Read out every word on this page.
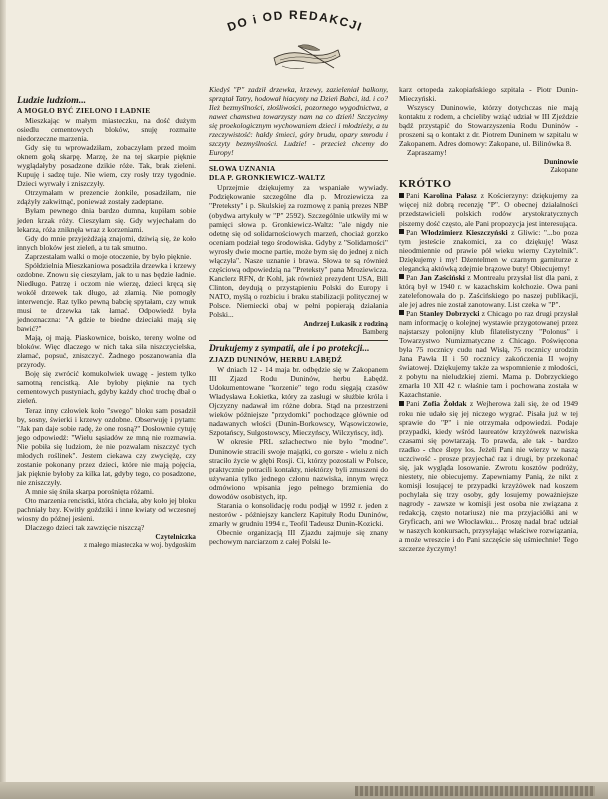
DO i OD REDAKCJI

Ludzie ludziom...

A MOGŁO BYĆ ZIELONO I ŁADNIE

Mieszkając w małym miasteczku, na dość dużym osiedlu cementowych bloków, snuję rozmaite niedorzeczne marzenia.

Gdy się tu wprowadziłam, zobaczyłam przed moim oknem gołą skarpę. Marzę, że na tej skarpie pięknie wyglądałyby posadzone dzikie róże. Tak, brak zieleni. Kupuję i sadzę tuje. Nie wiem, czy rosły trzy tygodnie. Dzieci wyrwały i zniszczyły.

Otrzymałam w prezencie żonkile, posadziłam, nie zdążyły zakwitnąć, ponieważ zostały zadeptane.

Byłam pewnego dnia bardzo dumna, kupiłam sobie jeden krzak róży. Cieszyłam się. Gdy wyjechałam do lekarza, róża zniknęła wraz z korzeniami.

Gdy do mnie przyjeżdżają znajomi, dziwią się, że koło innych bloków jest zieleń, a tu tak smutno.

Zaprzestałam walki o moje otoczenie, by było pięknie.

Spółdzielnia Mieszkaniowa posadziła drzewka i krzewy ozdobne. Znowu się cieszyłam, jak to u nas będzie ładnie. Niedługo. Patrzę i oczom nie wierzę, dzieci kręcą się wokół drzewek tak długo, aż złamią. Nie pomogły interwencje. Raz tylko pewną babcię spytałam, czy wnuk musi te drzewka tak łamać. Odpowiedź była jednoznaczna: "A gdzie te biedne dzieciaki mają się bawić?"

Mają, oj mają. Piaskownice, boisko, tereny wolne od bloków. Więc dlaczego w nich taka siła niszczycielska, złamać, popsuć, zniszczyć. Żadnego poszanowania dla przyrody.

Boję się zwrócić komukolwiek uwagę - jestem tylko samotną rencistką. Ale byłoby pięknie na tych cementowych pustyniach, gdyby każdy choć trochę dbał o zieleń.

Teraz inny człowiek koło "swego" bloku sam posadził by, sosny, świerki i krzewy ozdobne. Obserwuję i pytam: "Jak pan daje sobie radę, że one rosną?" Dosłownie cytuję jego odpowiedź: "Wielu sąsiadów ze mną nie rozmawia. Nie pobiła się ludziom, że nie pozwalam niszczyć tych młodych roślinek". Jestem ciekawa czy zwyciężę, czy zostanie pokonany przez dzieci, które nie mają pojęcia, jak pięknie byłoby za kilka lat, gdyby tego, co posadzone, nie zniszczyły.

A mnie się śniła skarpa porośnięta różami.

Oto marzenia rencistki, która chciała, aby koło jej bloku pachniały bzy. Kwitły goździki i inne kwiaty od wczesnej wiosny do późnej jesieni.

Dlaczego dzieci tak zawzięcie niszczą?

Czytelniczka

z małego miasteczka w woj. bydgoskim

Kiedyś "P" zadził drzewka, krzewy, zazieleniał balkony, sprzątał Tatry, hodował hiacynty na Dzień Babci, itd. i co? Ileż bezmyślności, złośliwości, pozornego wygodnictwa, a nawet chamstwa towarzyszy nam na co dzień! Szczycimy się proekologicznym wychowaniem dzieci i młodzieży, a tu rzeczywistość: hałdy śmieci, góry brudu, opary smrodu i szczyty bezmyślności. Ludzie! - przecież chcemy do Europy!

SŁOWA UZNANIA

DLA P. GRONKIEWICZ-WALTZ

Uprzejmie dziękujemy za wspaniałe wywiady. Podziękowanie szczególne dla p. Mroziewicza za "Preteksty" i p. Skulskiej za rozmowę z panią prezes NBP (obydwa artykuły w "P" 2592). Szczególnie utkwiły mi w pamięci słowa p. Gronkiewicz-Waltz: "ale nigdy nie odetnę się od solidarnościowych marzeń, chociaż gorzko oceniam podział tego środowiska. Gdyby z "Solidarności" wyrosły dwie mocne partie, może bym się do jednej z nich włączyła". Nasze uznanie i brawa. Słowa te są również częściową odpowiedzią na "Preteksty" pana Mroziewicza. Kanclerz RFN, dr Kohl, jak również prezydent USA, Bill Clinton, deydują o przystąpieniu Polski do Europy i NATO, myślą o rozbiciu i braku stabilizacji politycznej w Polsce. Niemiecki obaj w pełni popierają działania Polski...

Andrzej Łukasik z rodziną

Bamberg

Drukujemy z sympatii, ale i po protekcji...

ZJAZD DUNINÓW, HERBU ŁABĘDŹ

W dniach 12 - 14 maja br. odbędzie się w Zakopanem III Zjazd Rodu Duninów, herbu Łabędź. Udokumentowane "korzenie" tego rodu sięgają czasów Władysława Łokietka, który za zasługi w służbie króla i Ojczyzny nadawał im różne dobra. Stąd na przestrzeni wieków późniejsze "przydomki" pochodzące głównie od nadawanych włości (Dunin-Borkowscy, Wąsowiczowie, Szpotańscy, Sulgostowscy, Mieczyńscy, Wilczyńscy, itd).

W okresie PRL szlachectwo nie było "modne". Duninowie stracili swoje majątki, co gorsze - wielu z nich straciło życie w głębi Rosji. Ci, którzy pozostali w Polsce, praktycznie potracili kontakty, niektórzy byli zmuszeni do używania tylko jednego członu nazwiska, innym wręcz odmówiono wpisania jego pełnego brzmienia do dowodów osobistych, itp.

Starania o konsolidację rodu podjął w 1992 r. jeden z nestorów - późniejszy kanclerz Kapituły Rodu Duninów, zmarły w grudniu 1994 r., Teofil Tadeusz Dunin-Kozicki.

Obecnie organizacją III Zjazdu zajmuje się znany pechowym narciarzom z całej Polski le-

karz ortopeda zakopiańskiego szpitala - Piotr Dunin-Mieczyński.

Wszyscy Duninowie, którzy dotychczas nie mają kontaktu z rodem, a chcieliby wziąć udział w III Zjeździe bądź przystąpić do Stowarzyszenia Rodu Duninów - proszeni są o kontakt z dr. Piotrem Duninem w szpitalu w Zakopanem. Adres domowy: Zakopane, ul. Bilinówka 8.

Zapraszamy!

Duninowie

Zakopane

KRÓTKO

Pani Karolina Pałasz z Kościerzyny: dziękujemy za więcej niż dobrą recenzję "P". O obecnej działalności przedstawicieli polskich rodów arystokratycznych piszemy dość często, ale Pani propozycja jest interesująca.

Pan Włodzimierz Kieszczyński z Gliwic: "...bo poza tym jesteście znakomici, za co dziękuję! Wasz nieodmiennie od prawie pół wieku wierny Czytelnik". Dziękujemy i my! Dżentelmen w czarnym garniturze z elegancką aktówką zdejmie brązowe buty! Obiecujemy!

Pan Jan Zaściński z Montrealu przysłał list dla pani, z którą był w 1940 r. w kazachskim kołchozie. Owa pani zatelefonowała do p. Zaścińskiego po naszej publikacji, ale jej adres nie został zanotowany. List czeka w "P".

Pan Stanley Dobrzycki z Chicago po raz drugi przysłał nam informację o kolejnej wystawie przygotowanej przez najstarszy polonijny klub filatelistyczny "Polonus" i Towarzystwo Numizmatyczne z Chicago. Poświęcona była 75 rocznicy cudu nad Wisłą, 75 rocznicy urodzin Jana Pawła II i 50 rocznicy zakończenia II wojny światowej. Dziękujemy także za wspomnienie z młodości, z pobytu na nieludzkiej ziemi. Mama p. Dobrzyckiego zmarła 10 XII 42 r. właśnie tam i pochowana została w Kazachstanie.

Pani Zofia Żołdak z Wejherowa żali się, że od 1949 roku nie udało się jej niczego wygrać. Pisała już w tej sprawie do "P" i nie otrzymała odpowiedzi. Podaje przypadki, kiedy wśród laureatów krzyżówek nazwiska czasami się powtarzają. To prawda, ale tak - bardzo rzadko - chce ślepy los. Jeżeli Pani nie wierzy w naszą uczciwość - prosze przyjechać raz i drugi, by przekonać się, jak wygląda losowanie. Zwrotu kosztów podróży, niestety, nie obiecujemy. Zapewniamy Panią, że nikt z komisji losującej te przypadki krzyżówek nad koszem pochylała się trzy osoby, gdy losujemy poważniejsze nagrody - zawsze w komisji jest osoba nie związana z redakcją, często notariusz) nie ma przyjaciółki ani w Gryficach, ani we Włocławku... Proszę nadal brać udział w naszych konkursach, przysyłając właściwe rozwiązania, a może wreszcie i do Pani szczęście się uśmiechnie! Tego szczerze życzymy!
